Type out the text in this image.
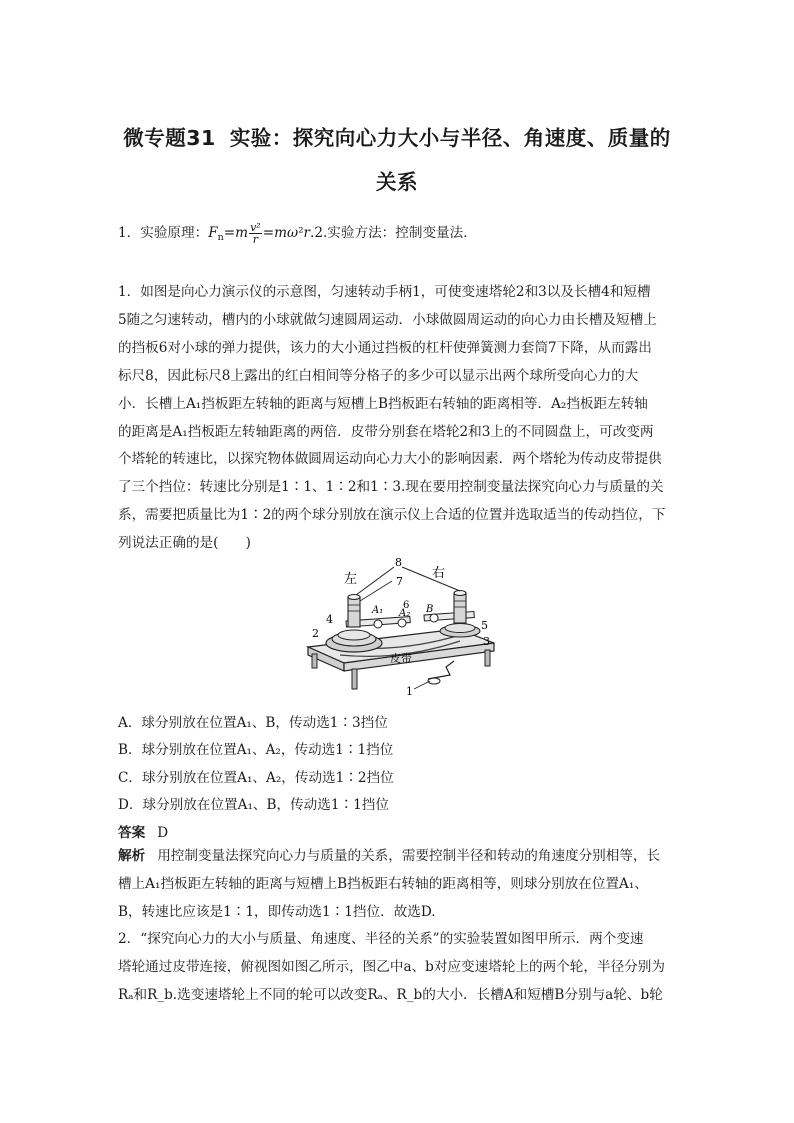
微专题31 实验：探究向心力大小与半径、角速度、质量的
关系
1．实验原理：$F_n=m \frac{\text{v²}}{r} =m\omega^2r.2$.实验方法：控制变量法．

1．如图是向心力演示仪的示意图，匀速转动手柄1，可使变速塔轮2和3以及长槽4和短槽

5随之匀速转动，槽内的小球就做匀速圆周运动．小球做圆周运动的向心力由长槽及短槽上

的挡板6对小球的弹力提供，该力的大小通过挡板的杠杆使弹簧测力套筒7下降，从而露出

标尺8，因此标尺8上露出的红白相间等分格子的多少可以显示出两个球所受向心力的大

小．长槽上A₁挡板距左转轴的距离与短槽上B挡板距右转轴的距离相等．A₂挡板距左转轴

的距离是A₁挡板距左转轴距离的两倍．皮带分别套在塔轮2和3上的不同圆盘上，可改变两

个塔轮的转速比，以探究物体做圆周运动向心力大小的影响因素．两个塔轮为传动皮带提供

了三个挡位：转速比分别是1∶1、1∶2和1∶3.现在要用控制变量法探究向心力与质量的关

系，需要把质量比为1∶2的两个球分别放在演示仪上合适的位置并选取适当的传动挡位，下

列说法正确的是(　　)

左	右
8
7
6
A₁ A₂ B
4
2
5
3
皮带
1
A．球分别放在位置A₁、B，传动选1∶3挡位
B．球分别放在位置A₁、A₂，传动选1∶1挡位
C．球分别放在位置A₁、A₂，传动选1∶2挡位
D．球分别放在位置A₁、B，传动选1∶1挡位
答案 D

解析 用控制变量法探究向心力与质量的关系，需要控制半径和转动的角速度分别相等，长

槽上A₁挡板距左转轴的距离与短槽上B挡板距右转轴的距离相等，则球分别放在位置A₁、

B，转速比应该是1∶1，即传动选1∶1挡位．故选D.

2．“探究向心力的大小与质量、角速度、半径的关系”的实验装置如图甲所示．两个变速

塔轮通过皮带连接，俯视图如图乙所示，图乙中a、b对应变速塔轮上的两个轮，半径分别为

Rₐ和R_b.选变速塔轮上不同的轮可以改变Rₐ、R_b的大小．长槽A和短槽B分别与a轮、b轮
